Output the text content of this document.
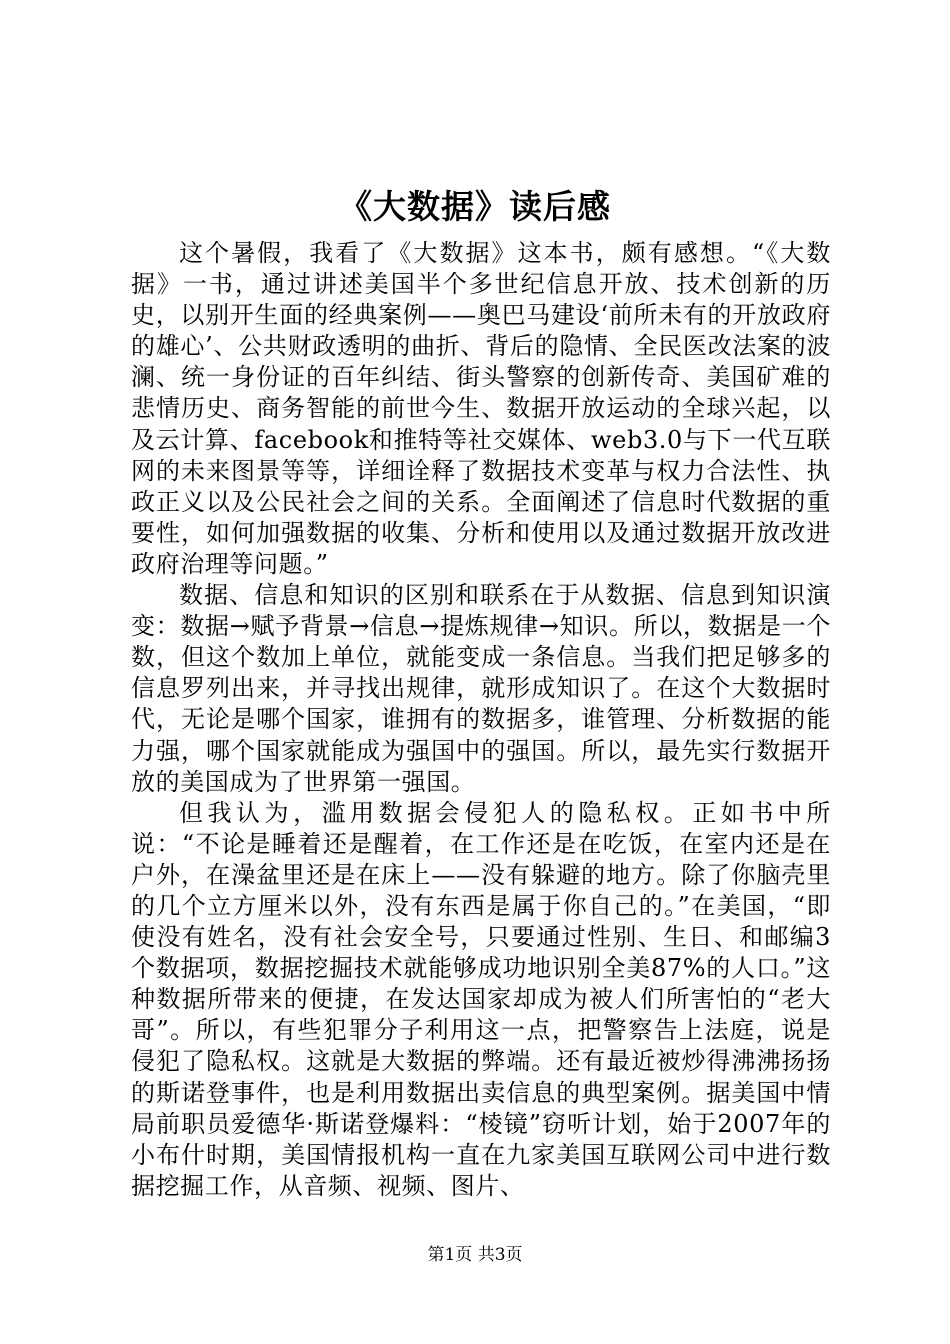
《大数据》读后感

这个暑假，我看了《大数据》这本书，颇有感想。“《大数据》一书，通过讲述美国半个多世纪信息开放、技术创新的历史，以别开生面的经典案例——奥巴马建设‘前所未有的开放政府的雄心’、公共财政透明的曲折、背后的隐情、全民医改法案的波澜、统一身份证的百年纠结、街头警察的创新传奇、美国矿难的悲情历史、商务智能的前世今生、数据开放运动的全球兴起，以及云计算、facebook和推特等社交媒体、web3.0与下一代互联网的未来图景等等，详细诠释了数据技术变革与权力合法性、执政正义以及公民社会之间的关系。全面阐述了信息时代数据的重要性，如何加强数据的收集、分析和使用以及通过数据开放改进政府治理等问题。”

数据、信息和知识的区别和联系在于从数据、信息到知识演变：数据→赋予背景→信息→提炼规律→知识。所以，数据是一个数，但这个数加上单位，就能变成一条信息。当我们把足够多的信息罗列出来，并寻找出规律，就形成知识了。在这个大数据时代，无论是哪个国家，谁拥有的数据多，谁管理、分析数据的能力强，哪个国家就能成为强国中的强国。所以，最先实行数据开放的美国成为了世界第一强国。

但我认为，滥用数据会侵犯人的隐私权。正如书中所说：“不论是睡着还是醒着，在工作还是在吃饭，在室内还是在户外，在澡盆里还是在床上——没有躲避的地方。除了你脑壳里的几个立方厘米以外，没有东西是属于你自己的。”在美国，“即使没有姓名，没有社会安全号，只要通过性别、生日、和邮编3个数据项，数据挖掘技术就能够成功地识别全美87%的人口。”这种数据所带来的便捷，在发达国家却成为被人们所害怕的“老大哥”。所以，有些犯罪分子利用这一点，把警察告上法庭，说是侵犯了隐私权。这就是大数据的弊端。还有最近被炒得沸沸扬扬的斯诺登事件，也是利用数据出卖信息的典型案例。据美国中情局前职员爱德华·斯诺登爆料：“棱镜”窃听计划，始于2007年的小布什时期，美国情报机构一直在九家美国互联网公司中进行数据挖掘工作，从音频、视频、图片、

第1页 共3页
